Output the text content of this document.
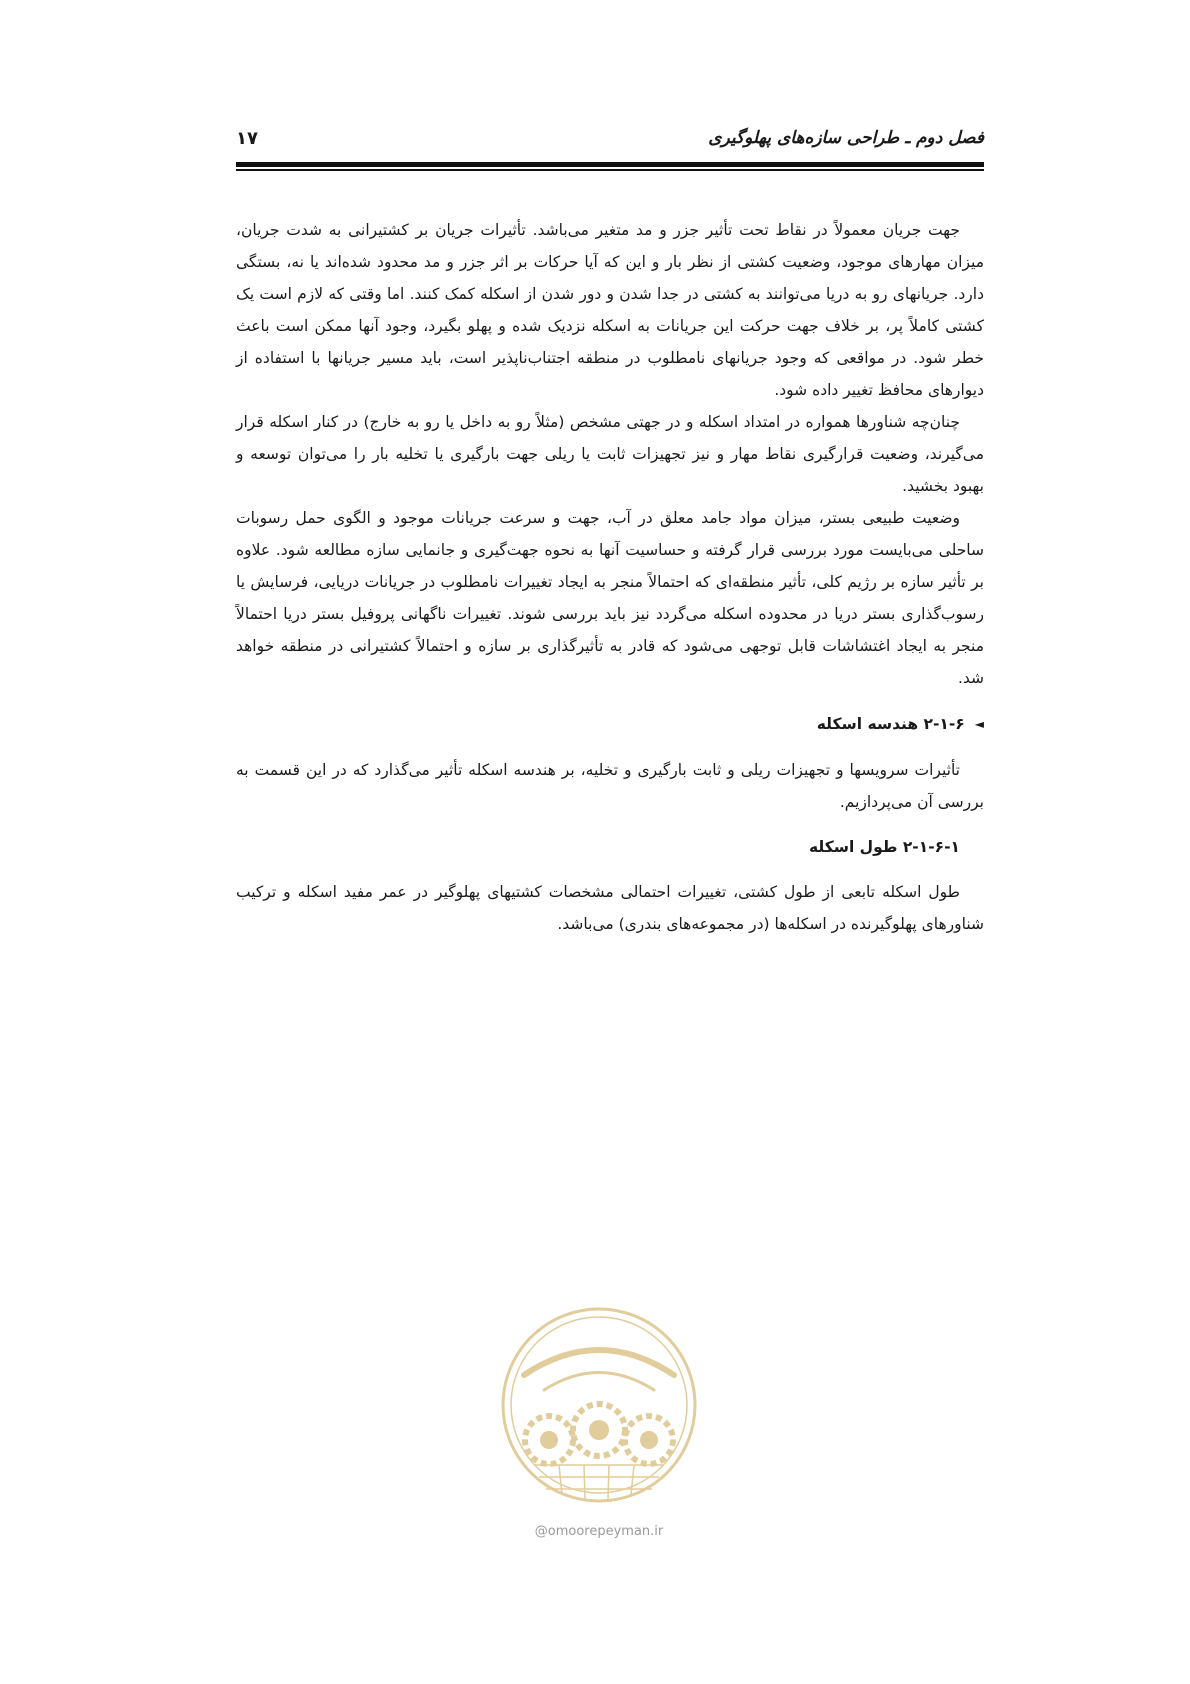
فصل دوم ـ طراحی سازه‌های پهلوگیری
۱۷

جهت جریان معمولاً در نقاط تحت تأثیر جزر و مد متغیر می‌باشد. تأثیرات جریان بر کشتیرانی به شدت جریان، میزان مهارهای موجود، وضعیت کشتی از نظر بار و این که آیا حرکات بر اثر جزر و مد محدود شده‌اند یا نه، بستگی دارد. جریانهای رو به دریا می‌توانند به کشتی در جدا شدن و دور شدن از اسکله کمک کنند. اما وقتی که لازم است یک کشتی کاملاً پر، بر خلاف جهت حرکت این جریانات به اسکله نزدیک شده و پهلو بگیرد، وجود آنها ممکن است باعث خطر شود. در مواقعی که وجود جریانهای نامطلوب در منطقه اجتناب‌ناپذیر است، باید مسیر جریانها با استفاده از دیوارهای محافظ تغییر داده شود.

چنان‌چه شناورها همواره در امتداد اسکله و در جهتی مشخص (مثلاً رو به داخل یا رو به خارج) در کنار اسکله قرار می‌گیرند، وضعیت قرارگیری نقاط مهار و نیز تجهیزات ثابت یا ریلی جهت بارگیری یا تخلیه بار را می‌توان توسعه و بهبود بخشید.

وضعیت طبیعی بستر، میزان مواد جامد معلق در آب، جهت و سرعت جریانات موجود و الگوی حمل رسوبات ساحلی می‌بایست مورد بررسی قرار گرفته و حساسیت آنها به نحوه جهت‌گیری و جانمایی سازه مطالعه شود. علاوه بر تأثیر سازه بر رژیم کلی، تأثیر منطقه‌ای که احتمالاً منجر به ایجاد تغییرات نامطلوب در جریانات دریایی، فرسایش یا رسوب‌گذاری بستر دریا در محدوده اسکله می‌گردد نیز باید بررسی شوند. تغییرات ناگهانی پروفیل بستر دریا احتمالاً منجر به ایجاد اغتشاشات قابل توجهی می‌شود که قادر به تأثیرگذاری بر سازه و احتمالاً کشتیرانی در منطقه خواهد شد.

◄
۲-۱-۶ هندسه اسکله

تأثیرات سرویسها و تجهیزات ریلی و ثابت بارگیری و تخلیه، بر هندسه اسکله تأثیر می‌گذارد که در این قسمت به بررسی آن می‌پردازیم.

۲-۱-۶-۱ طول اسکله

طول اسکله تابعی از طول کشتی، تغییرات احتمالی مشخصات کشتیهای پهلوگیر در عمر مفید اسکله و ترکیب شناورهای پهلوگیرنده در اسکله‌ها (در مجموعه‌های بندری) می‌باشد.

@omoorepeyman.ir
